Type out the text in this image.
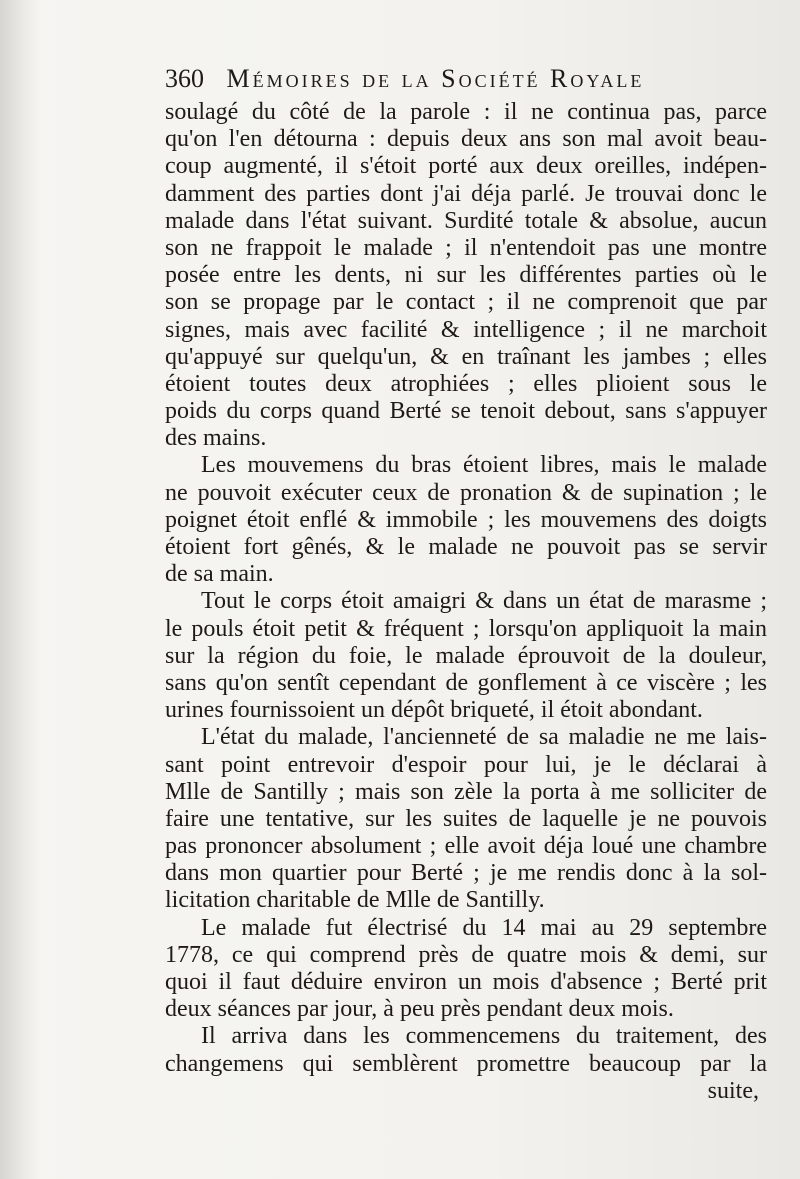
360 Mémoires de la Société Royale

soulagé du côté de la parole : il ne continua pas, parce
qu'on l'en détourna : depuis deux ans son mal avoit beau-
coup augmenté, il s'étoit porté aux deux oreilles, indépen-
damment des parties dont j'ai déja parlé. Je trouvai donc le
malade dans l'état suivant. Surdité totale & absolue, aucun
son ne frappoit le malade ; il n'entendoit pas une montre
posée entre les dents, ni sur les différentes parties où le
son se propage par le contact ; il ne comprenoit que par
signes, mais avec facilité & intelligence ; il ne marchoit
qu'appuyé sur quelqu'un, & en traînant les jambes ; elles
étoient toutes deux atrophiées ; elles plioient sous le
poids du corps quand Berté se tenoit debout, sans s'appuyer
des mains.

Les mouvemens du bras étoient libres, mais le malade
ne pouvoit exécuter ceux de pronation & de supination ; le
poignet étoit enflé & immobile ; les mouvemens des doigts
étoient fort gênés, & le malade ne pouvoit pas se servir
de sa main.

Tout le corps étoit amaigri & dans un état de marasme ;
le pouls étoit petit & fréquent ; lorsqu'on appliquoit la main
sur la région du foie, le malade éprouvoit de la douleur,
sans qu'on sentît cependant de gonflement à ce viscère ; les
urines fournissoient un dépôt briqueté, il étoit abondant.

L'état du malade, l'ancienneté de sa maladie ne me lais-
sant point entrevoir d'espoir pour lui, je le déclarai à
Mlle de Santilly ; mais son zèle la porta à me solliciter de
faire une tentative, sur les suites de laquelle je ne pouvois
pas prononcer absolument ; elle avoit déja loué une chambre
dans mon quartier pour Berté ; je me rendis donc à la sol-
licitation charitable de Mlle de Santilly.

Le malade fut électrisé du 14 mai au 29 septembre
1778, ce qui comprend près de quatre mois & demi, sur
quoi il faut déduire environ un mois d'absence ; Berté prit
deux séances par jour, à peu près pendant deux mois.

Il arriva dans les commencemens du traitement, des
changemens qui semblèrent promettre beaucoup par la

suite,
